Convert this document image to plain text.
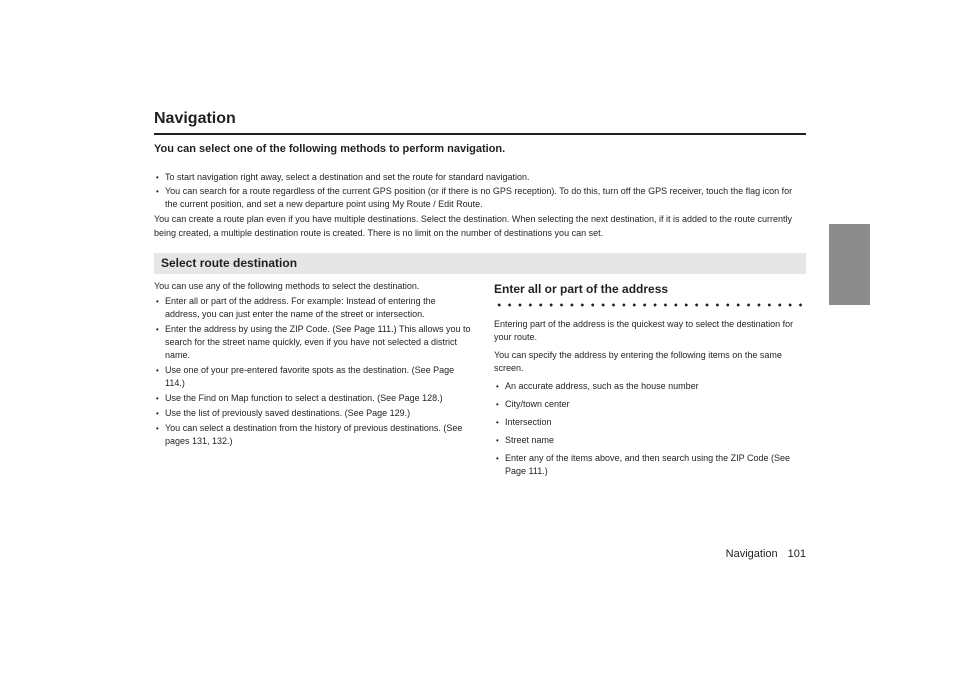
Navigation

You can select one of the following methods to perform navigation.

• To start navigation right away, select a destination and set the route for standard navigation.

• You can search for a route regardless of the current GPS position (or if there is no GPS reception). To do this, turn off the GPS receiver, touch the flag icon for the current position, and set a new departure point using My Route / Edit Route.

You can create a route plan even if you have multiple destinations. Select the destination. When selecting the next destination, if it is added to the route currently being created, a multiple destination route is created. There is no limit on the number of destinations you can set.

Select route destination

You can use any of the following methods to select the destination.

• Enter all or part of the address. For example: Instead of entering the address, you can just enter the name of the street or intersection.

• Enter the address by using the ZIP Code. (See Page 111.) This allows you to search for the street name quickly, even if you have not selected a district name.

• Use one of your pre-entered favorite spots as the destination. (See Page 114.)

• Use the Find on Map function to select a destination. (See Page 128.)

• Use the list of previously saved destinations. (See Page 129.)

• You can select a destination from the history of previous destinations. (See pages 131, 132.)

Enter all or part of the address

Entering part of the address is the quickest way to select the destination for your route.

You can specify the address by entering the following items on the same screen.

• An accurate address, such as the house number

• City/town center

• Intersection

• Street name

• Enter any of the items above, and then search using the ZIP Code (See Page 111.)

Navigation 101
